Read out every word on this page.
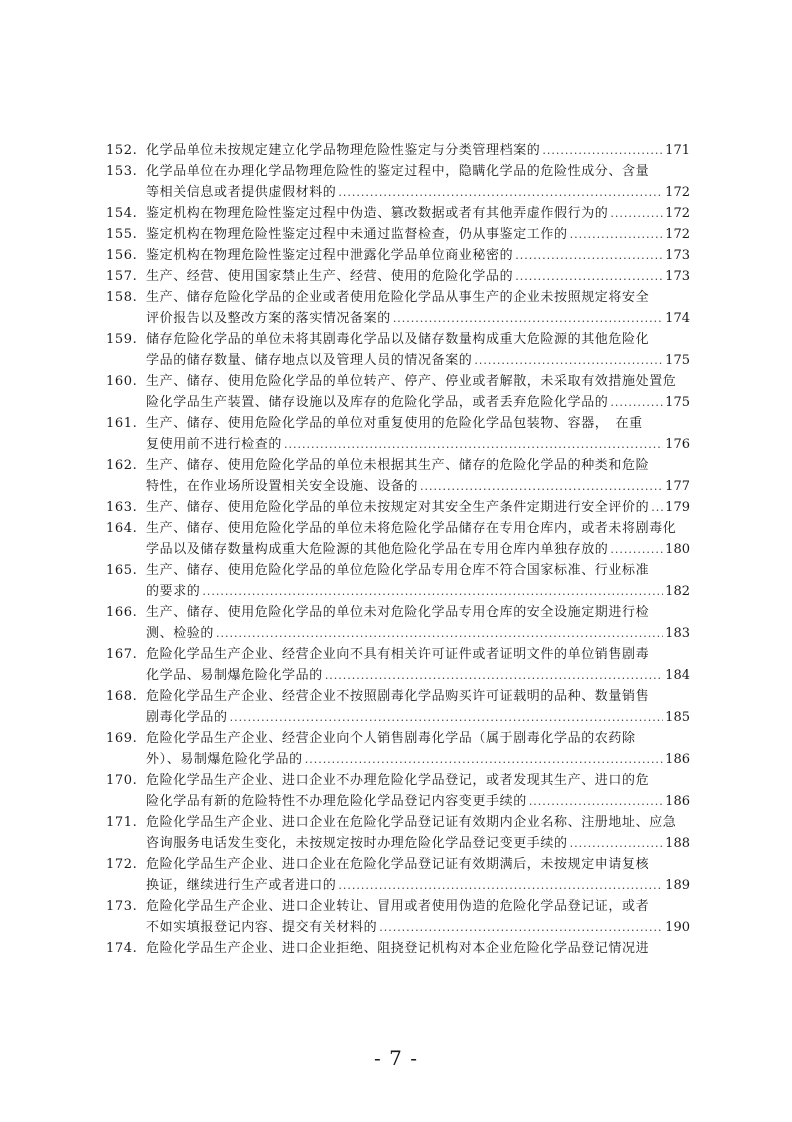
152. 化学品单位未按规定建立化学品物理危险性鉴定与分类管理档案的 .....	171
153. 化学品单位在办理化学品物理危险性的鉴定过程中，隐瞒化学品的危险性成分、含量
等相关信息或者提供虚假材料的 .....	172
154. 鉴定机构在物理危险性鉴定过程中伪造、篡改数据或者有其他弄虚作假行为的 .....	172
155. 鉴定机构在物理危险性鉴定过程中未通过监督检查，仍从事鉴定工作的 .....	172
156. 鉴定机构在物理危险性鉴定过程中泄露化学品单位商业秘密的 .....	173
157. 生产、经营、使用国家禁止生产、经营、使用的危险化学品的 .....	173
158. 生产、储存危险化学品的企业或者使用危险化学品从事生产的企业未按照规定将安全
评价报告以及整改方案的落实情况备案的 .....	174
159. 储存危险化学品的单位未将其剧毒化学品以及储存数量构成重大危险源的其他危险化
学品的储存数量、储存地点以及管理人员的情况备案的 .....	175
160. 生产、储存、使用危险化学品的单位转产、停产、停业或者解散，未采取有效措施处置危
险化学品生产装置、储存设施以及库存的危险化学品，或者丢弃危险化学品的 .....	175
161. 生产、储存、使用危险化学品的单位对重复使用的危险化学品包装物、容器，　在重
复使用前不进行检查的 .....	176
162. 生产、储存、使用危险化学品的单位未根据其生产、储存的危险化学品的种类和危险
特性，在作业场所设置相关安全设施、设备的 .....	177
163. 生产、储存、使用危险化学品的单位未按规定对其安全生产条件定期进行安全评价的 ..... 179
164. 生产、储存、使用危险化学品的单位未将危险化学品储存在专用仓库内，或者未将剧毒化
学品以及储存数量构成重大危险源的其他危险化学品在专用仓库内单独存放的 .....	180
165. 生产、储存、使用危险化学品的单位危险化学品专用仓库不符合国家标准、行业标准
的要求的 .....	182
166. 生产、储存、使用危险化学品的单位未对危险化学品专用仓库的安全设施定期进行检
测、检验的 .....	183
167. 危险化学品生产企业、经营企业向不具有相关许可证件或者证明文件的单位销售剧毒
化学品、易制爆危险化学品的 .....	184
168. 危险化学品生产企业、经营企业不按照剧毒化学品购买许可证载明的品种、数量销售
剧毒化学品的 .....	185
169. 危险化学品生产企业、经营企业向个人销售剧毒化学品（属于剧毒化学品的农药除
外）、易制爆危险化学品的 .....	186
170. 危险化学品生产企业、进口企业不办理危险化学品登记，或者发现其生产、进口的危
险化学品有新的危险特性不办理危险化学品登记内容变更手续的 .....	186
171. 危险化学品生产企业、进口企业在危险化学品登记证有效期内企业名称、注册地址、应急
咨询服务电话发生变化，未按规定按时办理危险化学品登记变更手续的 .....	188
172. 危险化学品生产企业、进口企业在危险化学品登记证有效期满后，未按规定申请复核
换证，继续进行生产或者进口的 .....	189
173. 危险化学品生产企业、进口企业转让、冒用或者使用伪造的危险化学品登记证，或者
不如实填报登记内容、提交有关材料的 .....	190
174. 危险化学品生产企业、进口企业拒绝、阻挠登记机构对本企业危险化学品登记情况进
- 7 -
